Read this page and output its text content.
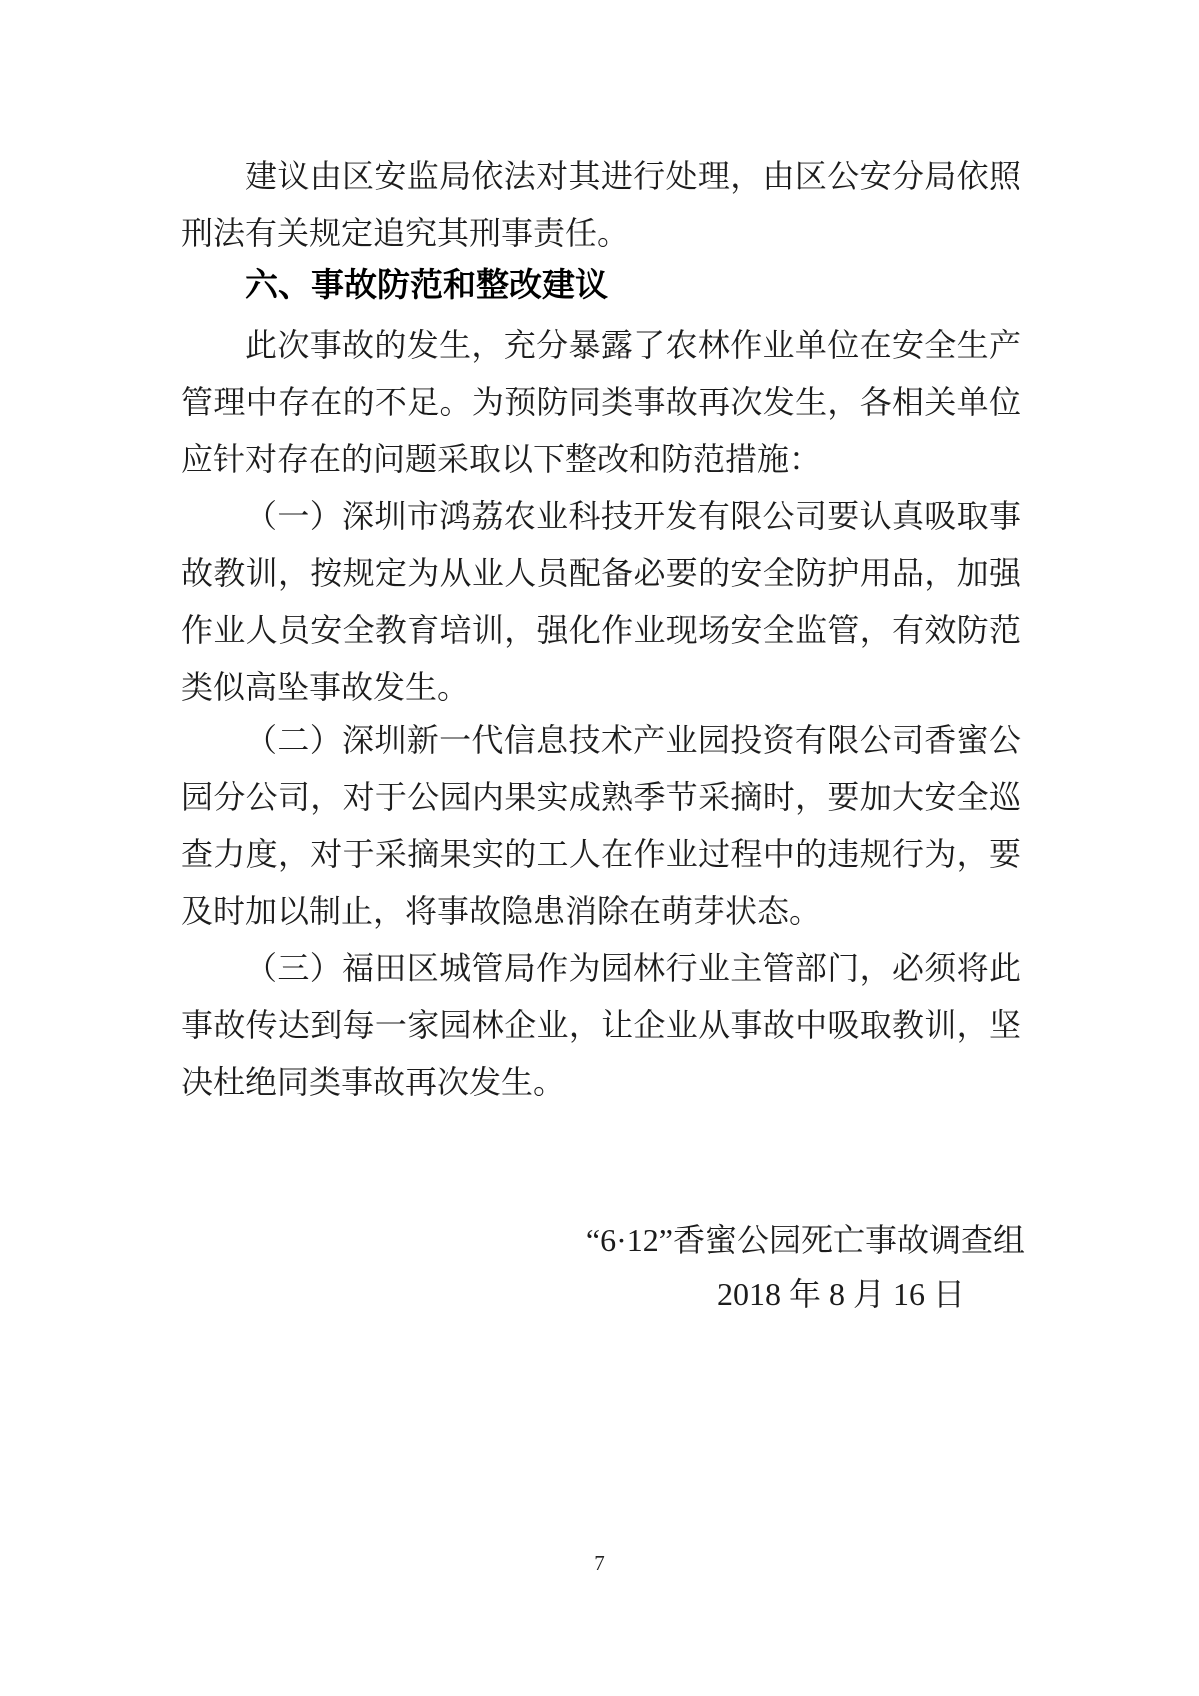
建议由区安监局依法对其进行处理，由区公安分局依照刑法有关规定追究其刑事责任。

六、事故防范和整改建议

此次事故的发生，充分暴露了农林作业单位在安全生产管理中存在的不足。为预防同类事故再次发生，各相关单位应针对存在的问题采取以下整改和防范措施：

（一）深圳市鸿荔农业科技开发有限公司要认真吸取事故教训，按规定为从业人员配备必要的安全防护用品，加强作业人员安全教育培训，强化作业现场安全监管，有效防范类似高坠事故发生。

（二）深圳新一代信息技术产业园投资有限公司香蜜公园分公司，对于公园内果实成熟季节采摘时，要加大安全巡查力度，对于采摘果实的工人在作业过程中的违规行为，要及时加以制止，将事故隐患消除在萌芽状态。

（三）福田区城管局作为园林行业主管部门，必须将此事故传达到每一家园林企业，让企业从事故中吸取教训，坚决杜绝同类事故再次发生。

“6·12”香蜜公园死亡事故调查组
2018 年 8 月 16 日
7
